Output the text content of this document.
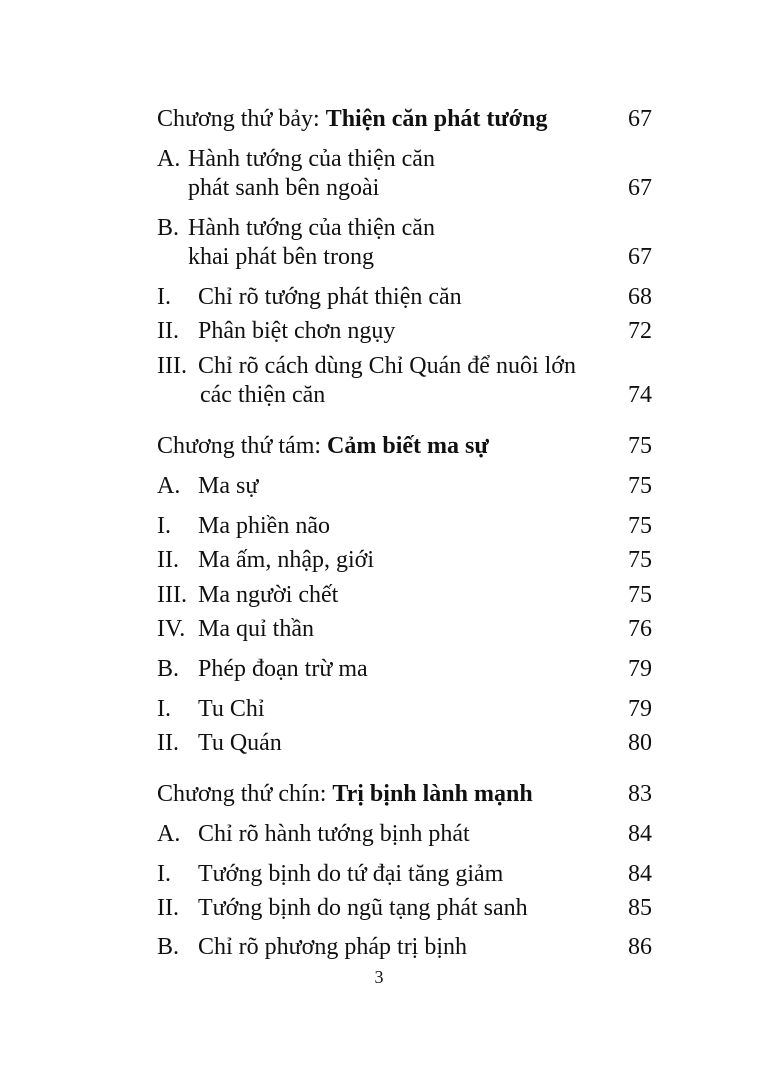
Chương thứ bảy: Thiện căn phát tướng	67
A. Hành tướng của thiện căn
phát sanh bên ngoài	67
B. Hành tướng của thiện căn
khai phát bên trong	67
I. Chỉ rõ tướng phát thiện căn	68
II. Phân biệt chơn ngụy	72
III. Chỉ rõ cách dùng Chỉ Quán để nuôi lớn
các thiện căn	74
Chương thứ tám: Cảm biết ma sự	75
A. Ma sự	75
I. Ma phiền não	75
II. Ma ấm, nhập, giới	75
III. Ma người chết	75
IV. Ma quỉ thần	76
B. Phép đoạn trừ ma	79
I. Tu Chỉ	79
II. Tu Quán	80
Chương thứ chín: Trị bịnh lành mạnh	83
A. Chỉ rõ hành tướng bịnh phát	84
I. Tướng bịnh do tứ đại tăng giảm	84
II. Tướng bịnh do ngũ tạng phát sanh	85
B. Chỉ rõ phương pháp trị bịnh	86
3
